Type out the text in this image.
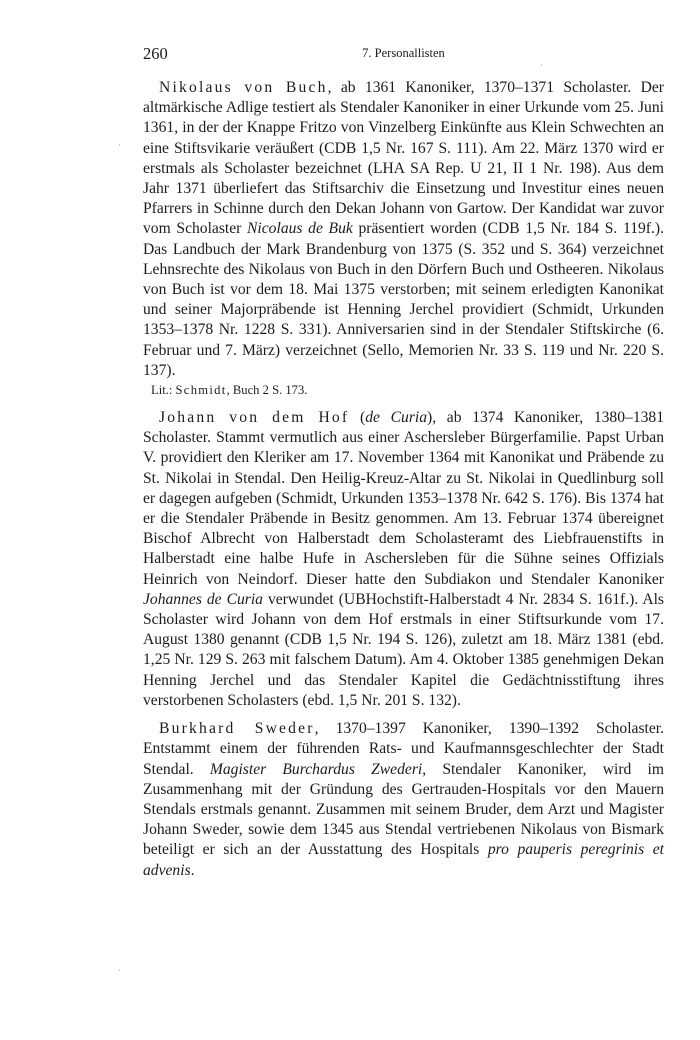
260	7. Personallisten
·
·
·

Nikolaus von Buch, ab 1361 Kanoniker, 1370–1371 Scholaster. Der altmärkische Adlige testiert als Stendaler Kanoniker in einer Urkunde vom 25. Juni 1361, in der der Knappe Fritzo von Vinzelberg Einkünfte aus Klein Schwechten an eine Stiftsvikarie veräußert (CDB 1,5 Nr. 167 S. 111). Am 22. März 1370 wird er erstmals als Scholaster bezeichnet (LHA SA Rep. U 21, II 1 Nr. 198). Aus dem Jahr 1371 überliefert das Stiftsarchiv die Einsetzung und Investitur eines neuen Pfarrers in Schinne durch den Dekan Johann von Gartow. Der Kandidat war zuvor vom Scholaster Nicolaus de Buk präsentiert worden (CDB 1,5 Nr. 184 S. 119f.). Das Landbuch der Mark Brandenburg von 1375 (S. 352 und S. 364) verzeichnet Lehnsrechte des Nikolaus von Buch in den Dörfern Buch und Ostheeren. Nikolaus von Buch ist vor dem 18. Mai 1375 verstorben; mit seinem erledigten Kanonikat und seiner Majorpräbende ist Henning Jerchel providiert (Schmidt, Urkunden 1353–1378 Nr. 1228 S. 331). Anniversarien sind in der Stendaler Stiftskirche (6. Februar und 7. März) verzeichnet (Sello, Memorien Nr. 33 S. 119 und Nr. 220 S. 137).

Lit.: Schmidt, Buch 2 S. 173.

Johann von dem Hof (de Curia), ab 1374 Kanoniker, 1380–1381 Scholaster. Stammt vermutlich aus einer Aschersleber Bürgerfamilie. Papst Urban V. providiert den Kleriker am 17. November 1364 mit Kanonikat und Präbende zu St. Nikolai in Stendal. Den Heilig-Kreuz-Altar zu St. Nikolai in Quedlinburg soll er dagegen aufgeben (Schmidt, Urkunden 1353–1378 Nr. 642 S. 176). Bis 1374 hat er die Stendaler Präbende in Besitz genommen. Am 13. Februar 1374 übereignet Bischof Albrecht von Halberstadt dem Scholasteramt des Liebfrauenstifts in Halberstadt eine halbe Hufe in Aschersleben für die Sühne seines Offizials Heinrich von Neindorf. Dieser hatte den Subdiakon und Stendaler Kanoniker Johannes de Curia verwundet (UBHochstift-Halberstadt 4 Nr. 2834 S. 161f.). Als Scholaster wird Johann von dem Hof erstmals in einer Stiftsurkunde vom 17. August 1380 genannt (CDB 1,5 Nr. 194 S. 126), zuletzt am 18. März 1381 (ebd. 1,25 Nr. 129 S. 263 mit falschem Datum). Am 4. Oktober 1385 genehmigen Dekan Henning Jerchel und das Stendaler Kapitel die Gedächtnisstiftung ihres verstorbenen Scholasters (ebd. 1,5 Nr. 201 S. 132).

Burkhard Sweder, 1370–1397 Kanoniker, 1390–1392 Scholaster. Entstammt einem der führenden Rats- und Kaufmannsgeschlechter der Stadt Stendal. Magister Burchardus Zwederi, Stendaler Kanoniker, wird im Zusammenhang mit der Gründung des Gertrauden-Hospitals vor den Mauern Stendals erstmals genannt. Zusammen mit seinem Bruder, dem Arzt und Magister Johann Sweder, sowie dem 1345 aus Stendal vertriebenen Nikolaus von Bismark beteiligt er sich an der Ausstattung des Hospitals pro pauperis peregrinis et advenis.
